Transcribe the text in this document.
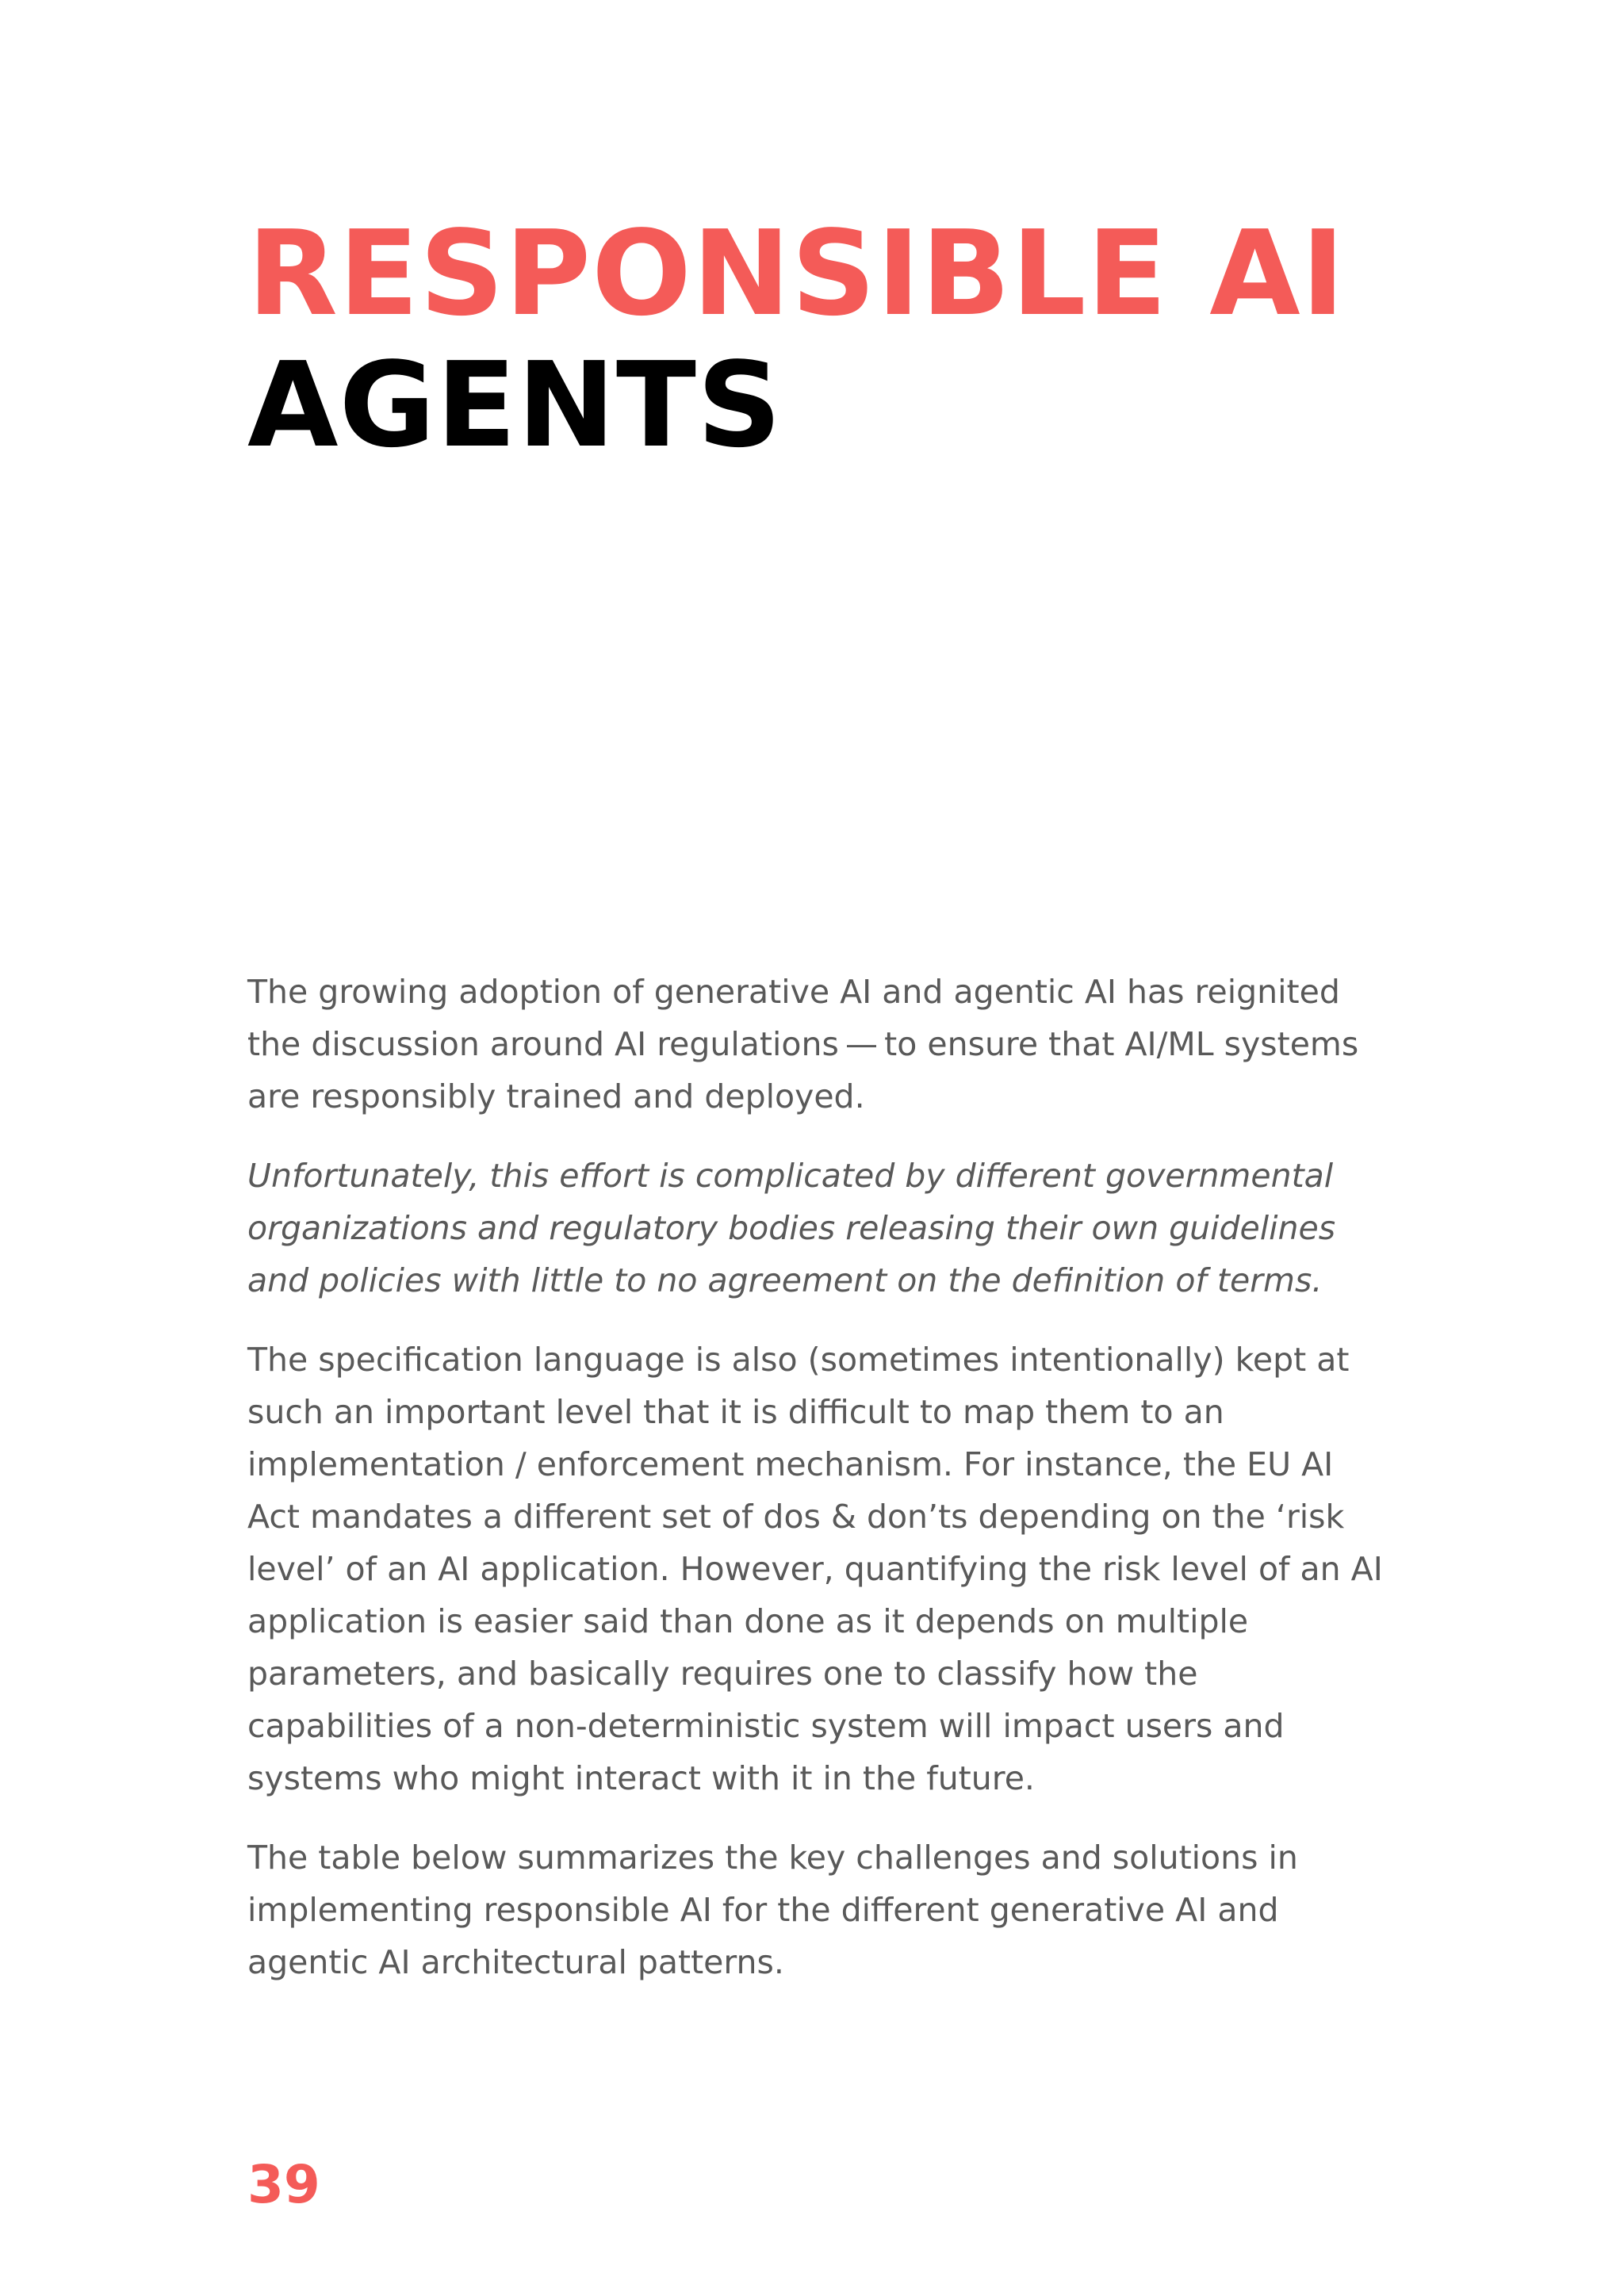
RESPONSIBLE AI
AGENTS

The growing adoption of generative AI and agentic AI has reignited the discussion around AI regulations — to ensure that AI/ML systems are responsibly trained and deployed.

Unfortunately, this effort is complicated by different governmental organizations and regulatory bodies releasing their own guidelines and policies with little to no agreement on the definition of terms.

The specification language is also (sometimes intentionally) kept at such an important level that it is difficult to map them to an implementation / enforcement mechanism. For instance, the EU AI Act mandates a different set of dos & don’ts depending on the ‘risk level’ of an AI application. However, quantifying the risk level of an AI application is easier said than done as it depends on multiple parameters, and basically requires one to classify how the capabilities of a non-deterministic system will impact users and systems who might interact with it in the future.

The table below summarizes the key challenges and solutions in implementing responsible AI for the different generative AI and agentic AI architectural patterns.

39
